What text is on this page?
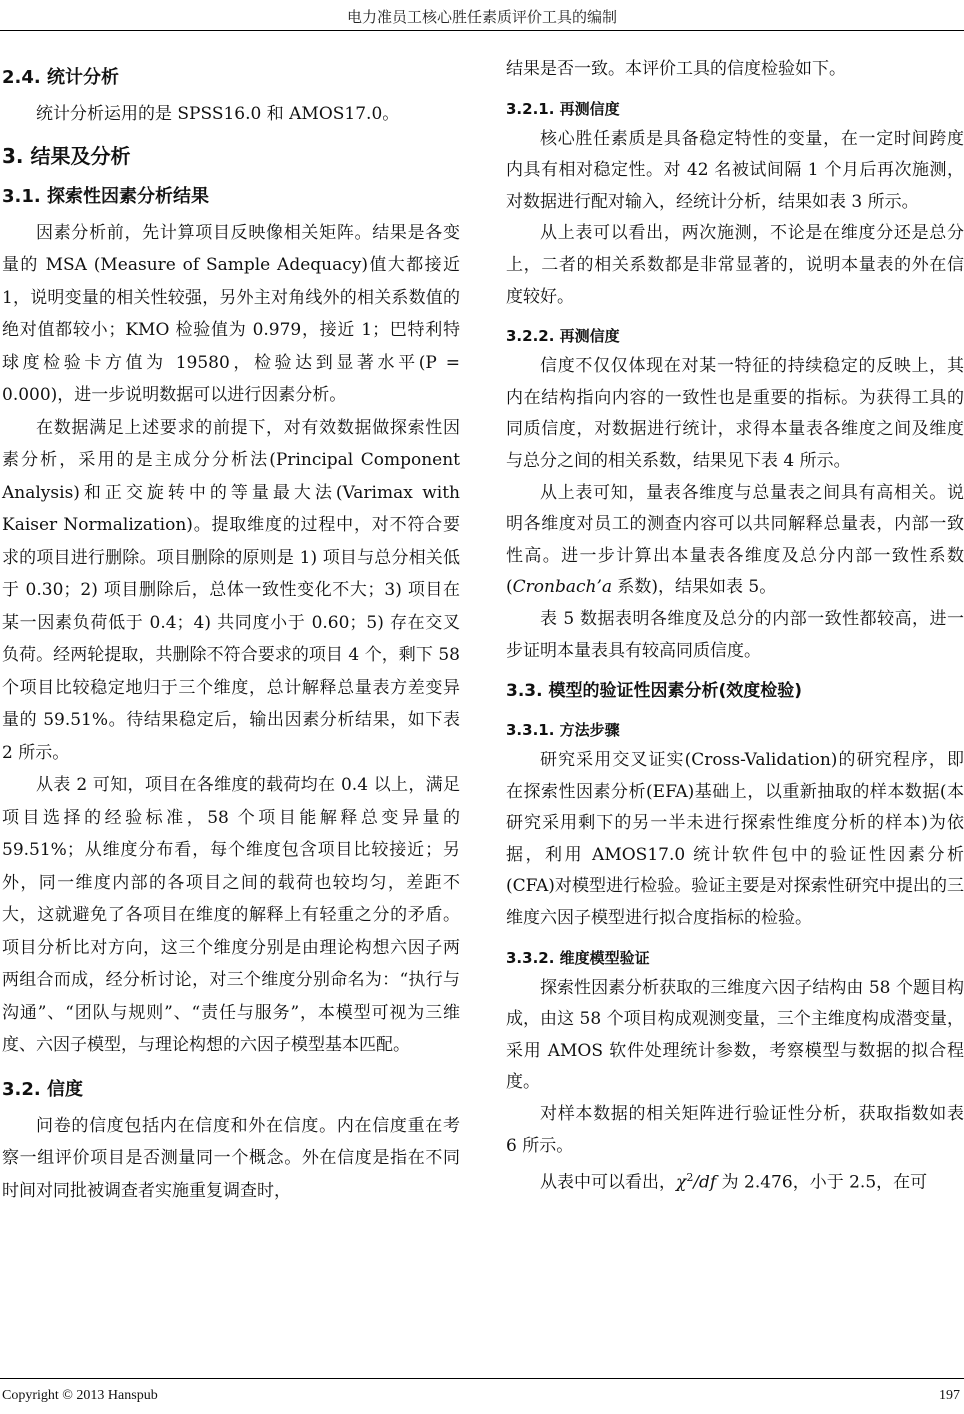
电力准员工核心胜任素质评价工具的编制
2.4. 统计分析

统计分析运用的是 SPSS16.0 和 AMOS17.0。

3. 结果及分析
3.1. 探索性因素分析结果

因素分析前，先计算项目反映像相关矩阵。结果是各变量的 MSA (Measure of Sample Adequacy)值大都接近 1，说明变量的相关性较强，另外主对角线外的相关系数值的绝对值都较小；KMO 检验值为 0.979，接近 1；巴特利特球度检验卡方值为 19580，检验达到显著水平(P = 0.000)，进一步说明数据可以进行因素分析。

在数据满足上述要求的前提下，对有效数据做探索性因素分析，采用的是主成分分析法(Principal Component Analysis)和正交旋转中的等量最大法(Varimax with Kaiser Normalization)。提取维度的过程中，对不符合要求的项目进行删除。项目删除的原则是 1) 项目与总分相关低于 0.30；2) 项目删除后，总体一致性变化不大；3) 项目在某一因素负荷低于 0.4；4) 共同度小于 0.60；5) 存在交叉负荷。经两轮提取，共删除不符合要求的项目 4 个，剩下 58 个项目比较稳定地归于三个维度，总计解释总量表方差变异量的 59.51%。待结果稳定后，输出因素分析结果，如下表 2 所示。

从表 2 可知，项目在各维度的载荷均在 0.4 以上，满足项目选择的经验标准，58 个项目能解释总变异量的 59.51%；从维度分布看，每个维度包含项目比较接近；另外，同一维度内部的各项目之间的载荷也较均匀，差距不大，这就避免了各项目在维度的解释上有轻重之分的矛盾。项目分析比对方向，这三个维度分别是由理论构想六因子两两组合而成，经分析讨论，对三个维度分别命名为：“执行与沟通”、“团队与规则”、“责任与服务”，本模型可视为三维度、六因子模型，与理论构想的六因子模型基本匹配。

3.2. 信度

问卷的信度包括内在信度和外在信度。内在信度重在考察一组评价项目是否测量同一个概念。外在信度是指在不同时间对同批被调查者实施重复调查时，

结果是否一致。本评价工具的信度检验如下。

3.2.1. 再测信度

核心胜任素质是具备稳定特性的变量，在一定时间跨度内具有相对稳定性。对 42 名被试间隔 1 个月后再次施测，对数据进行配对输入，经统计分析，结果如表 3 所示。

从上表可以看出，两次施测，不论是在维度分还是总分上，二者的相关系数都是非常显著的，说明本量表的外在信度较好。

3.2.2. 再测信度

信度不仅仅体现在对某一特征的持续稳定的反映上，其内在结构指向内容的一致性也是重要的指标。为获得工具的同质信度，对数据进行统计，求得本量表各维度之间及维度与总分之间的相关系数，结果见下表 4 所示。

从上表可知，量表各维度与总量表之间具有高相关。说明各维度对员工的测查内容可以共同解释总量表，内部一致性高。进一步计算出本量表各维度及总分内部一致性系数(Cronbach’a 系数)，结果如表 5。

表 5 数据表明各维度及总分的内部一致性都较高，进一步证明本量表具有较高同质信度。

3.3. 模型的验证性因素分析(效度检验)
3.3.1. 方法步骤

研究采用交叉证实(Cross-Validation)的研究程序，即在探索性因素分析(EFA)基础上，以重新抽取的样本数据(本研究采用剩下的另一半未进行探索性维度分析的样本)为依据，利用 AMOS17.0 统计软件包中的验证性因素分析(CFA)对模型进行检验。验证主要是对探索性研究中提出的三维度六因子模型进行拟合度指标的检验。

3.3.2. 维度模型验证

探索性因素分析获取的三维度六因子结构由 58 个题目构成，由这 58 个项目构成观测变量，三个主维度构成潜变量，采用 AMOS 软件处理统计参数，考察模型与数据的拟合程度。

对样本数据的相关矩阵进行验证性分析，获取指数如表 6 所示。

从表中可以看出，$\chi^2/df$ 为 2.476，小于 2.5，在可

Copyright © 2013 Hanspub	197
